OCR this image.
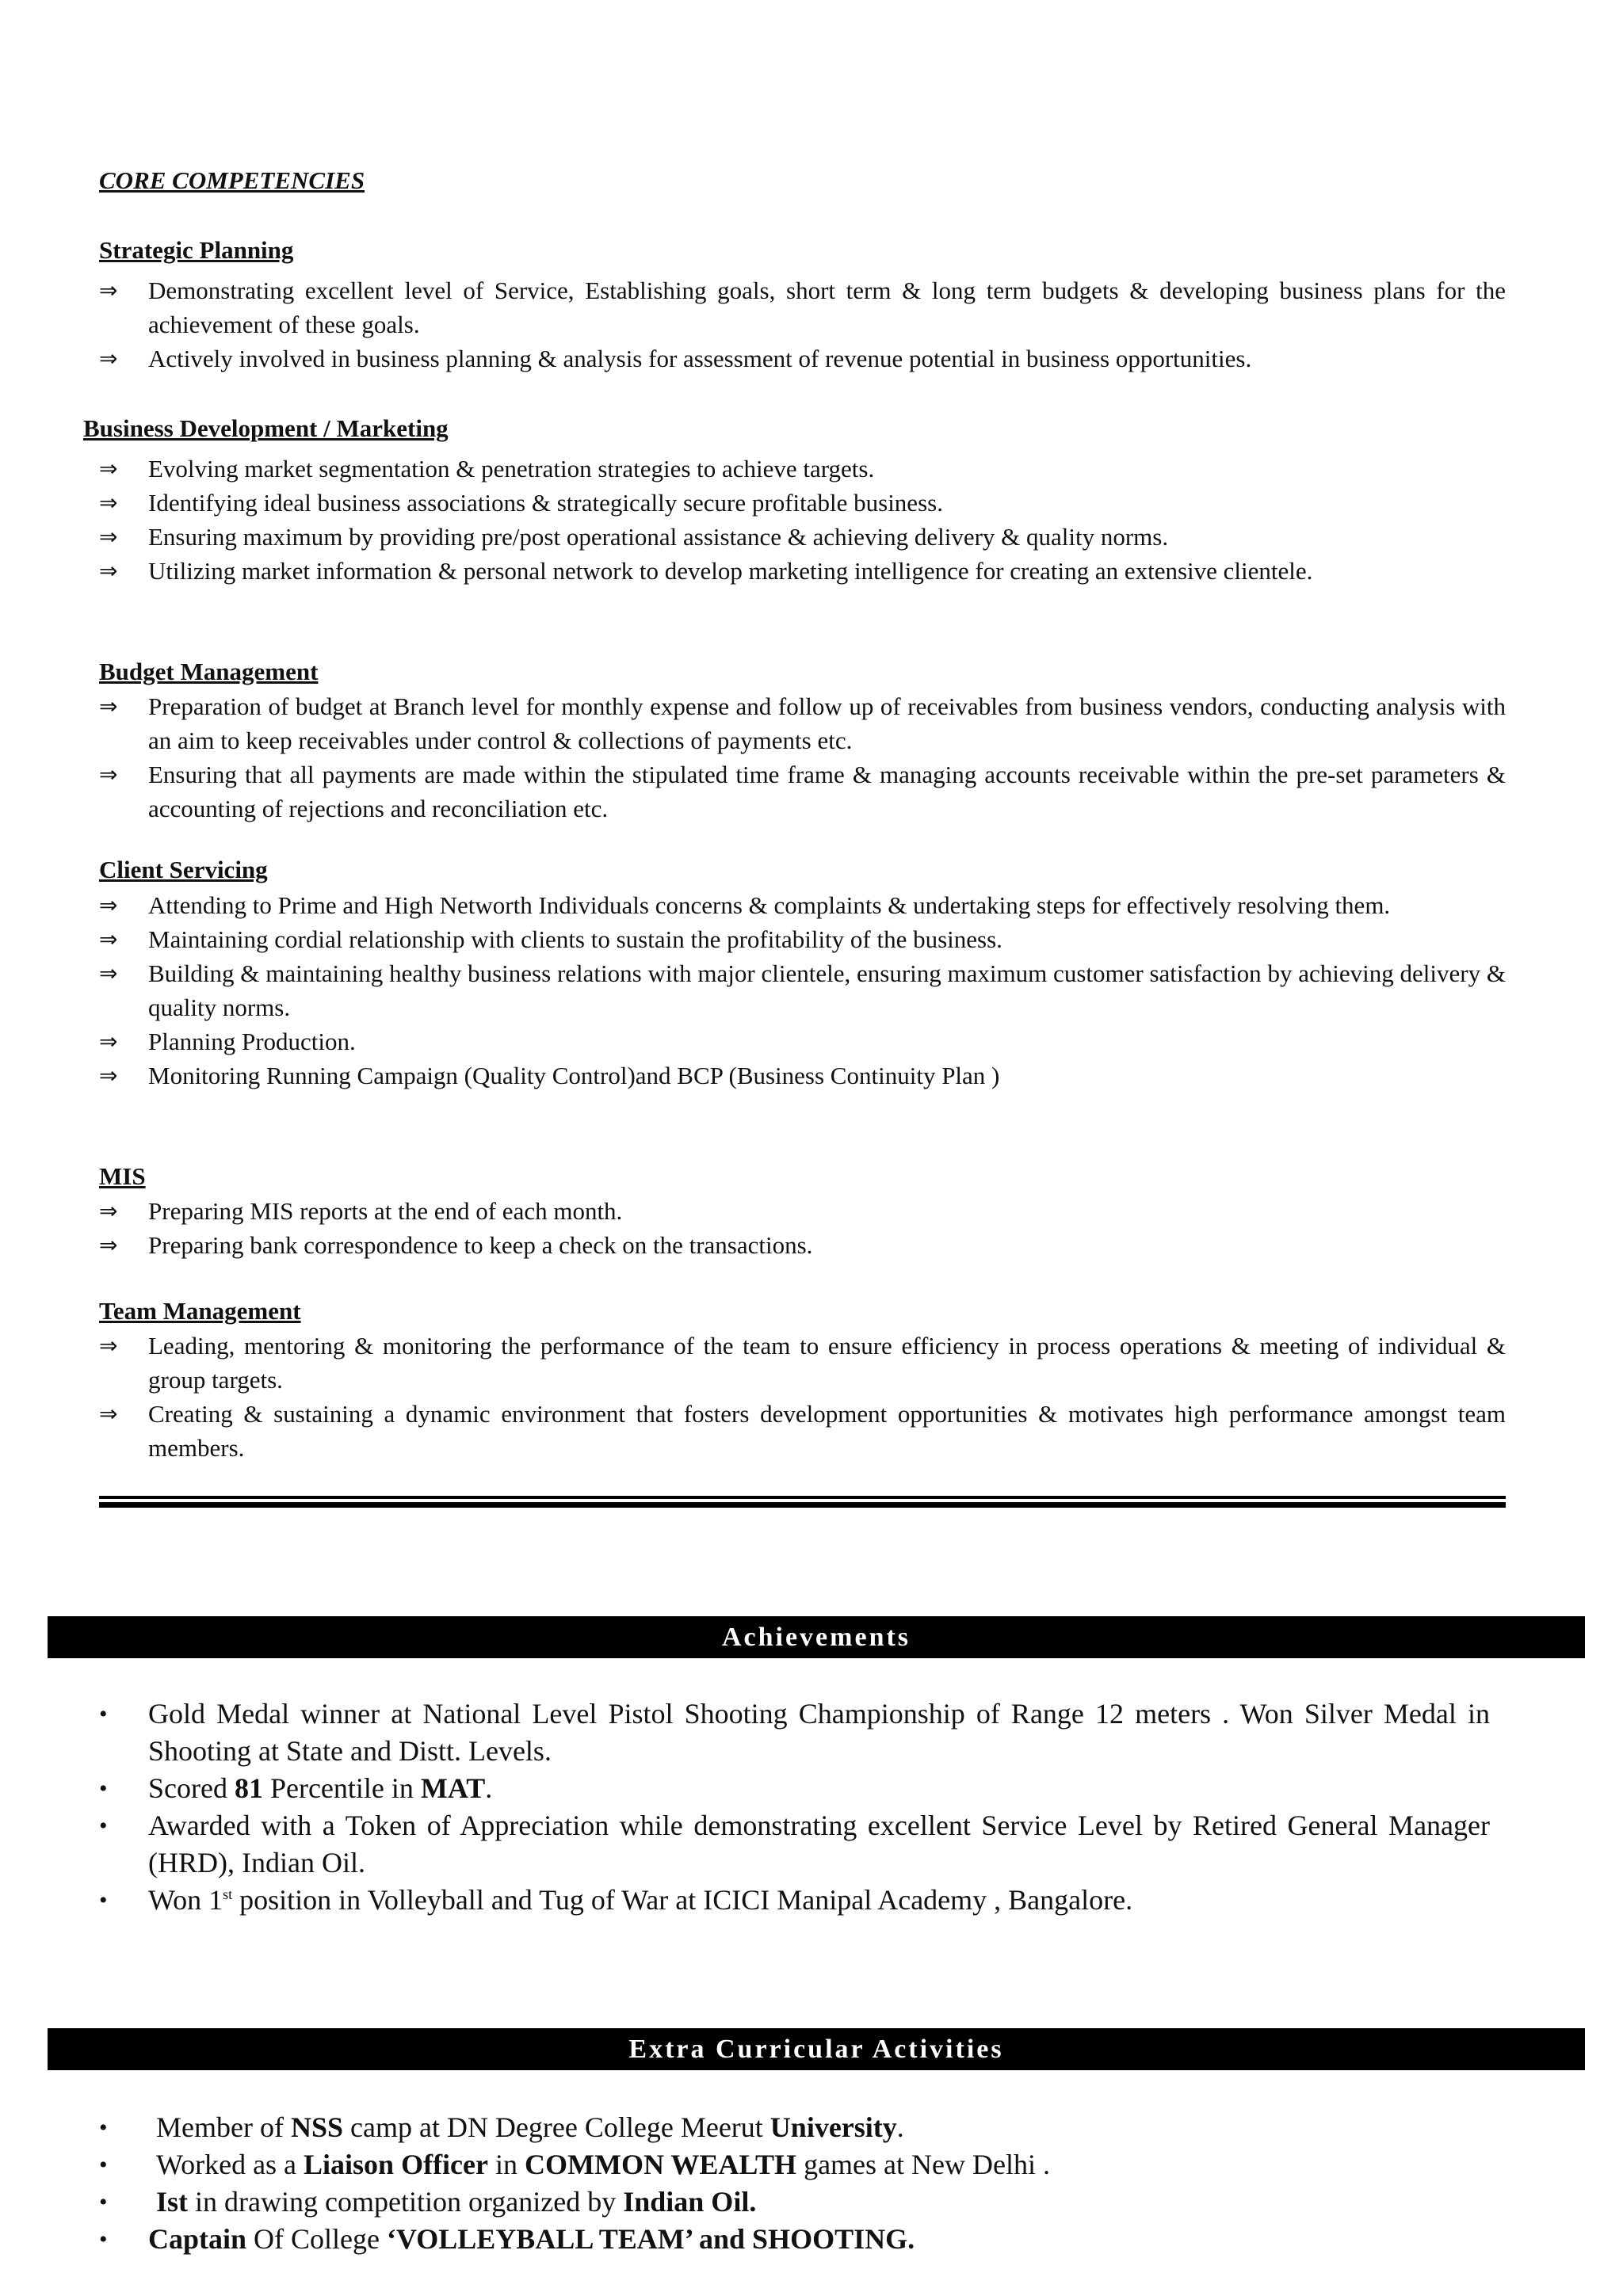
CORE COMPETENCIES
Strategic Planning
⇒	Demonstrating excellent level of Service, Establishing goals, short term & long term budgets & developing business plans for the achievement of these goals.
⇒	Actively involved in business planning & analysis for assessment of revenue potential in business opportunities.
Business Development / Marketing
⇒	Evolving market segmentation & penetration strategies to achieve targets.
⇒	Identifying ideal business associations & strategically secure profitable business.
⇒	Ensuring maximum by providing pre/post operational assistance & achieving delivery & quality norms.
⇒	Utilizing market information & personal network to develop marketing intelligence for creating an extensive clientele.
Budget Management
⇒	Preparation of budget at Branch level for monthly expense and follow up of receivables from business vendors, conducting analysis with an aim to keep receivables under control & collections of payments etc.
⇒	Ensuring that all payments are made within the stipulated time frame & managing accounts receivable within the pre-set parameters & accounting of rejections and reconciliation etc.
Client Servicing
⇒	Attending to Prime and High Networth Individuals concerns & complaints & undertaking steps for effectively resolving them.
⇒	Maintaining cordial relationship with clients to sustain the profitability of the business.
⇒	Building & maintaining healthy business relations with major clientele, ensuring maximum customer satisfaction by achieving delivery & quality norms.
⇒	Planning Production.
⇒	Monitoring Running Campaign (Quality Control)and BCP (Business Continuity Plan )
MIS
⇒	Preparing MIS reports at the end of each month.
⇒	Preparing bank correspondence to keep a check on the transactions.
Team Management
⇒	Leading, mentoring & monitoring the performance of the team to ensure efficiency in process operations & meeting of individual & group targets.
⇒	Creating & sustaining a dynamic environment that fosters development opportunities & motivates high performance amongst team members.
Achievements
•	Gold Medal winner at National Level Pistol Shooting Championship of Range 12 meters . Won Silver Medal in Shooting at State and Distt. Levels.
•	Scored 81 Percentile in MAT.
•	Awarded with a Token of Appreciation while demonstrating excellent Service Level by Retired General Manager (HRD), Indian Oil.
•	Won 1st position in Volleyball and Tug of War at ICICI Manipal Academy , Bangalore.
Extra Curricular Activities
•	Member of NSS camp at DN Degree College Meerut University.
•	Worked as a Liaison Officer in COMMON WEALTH games at New Delhi .
•	Ist in drawing competition organized by Indian Oil.
•	Captain Of College ‘VOLLEYBALL TEAM’ and SHOOTING.
